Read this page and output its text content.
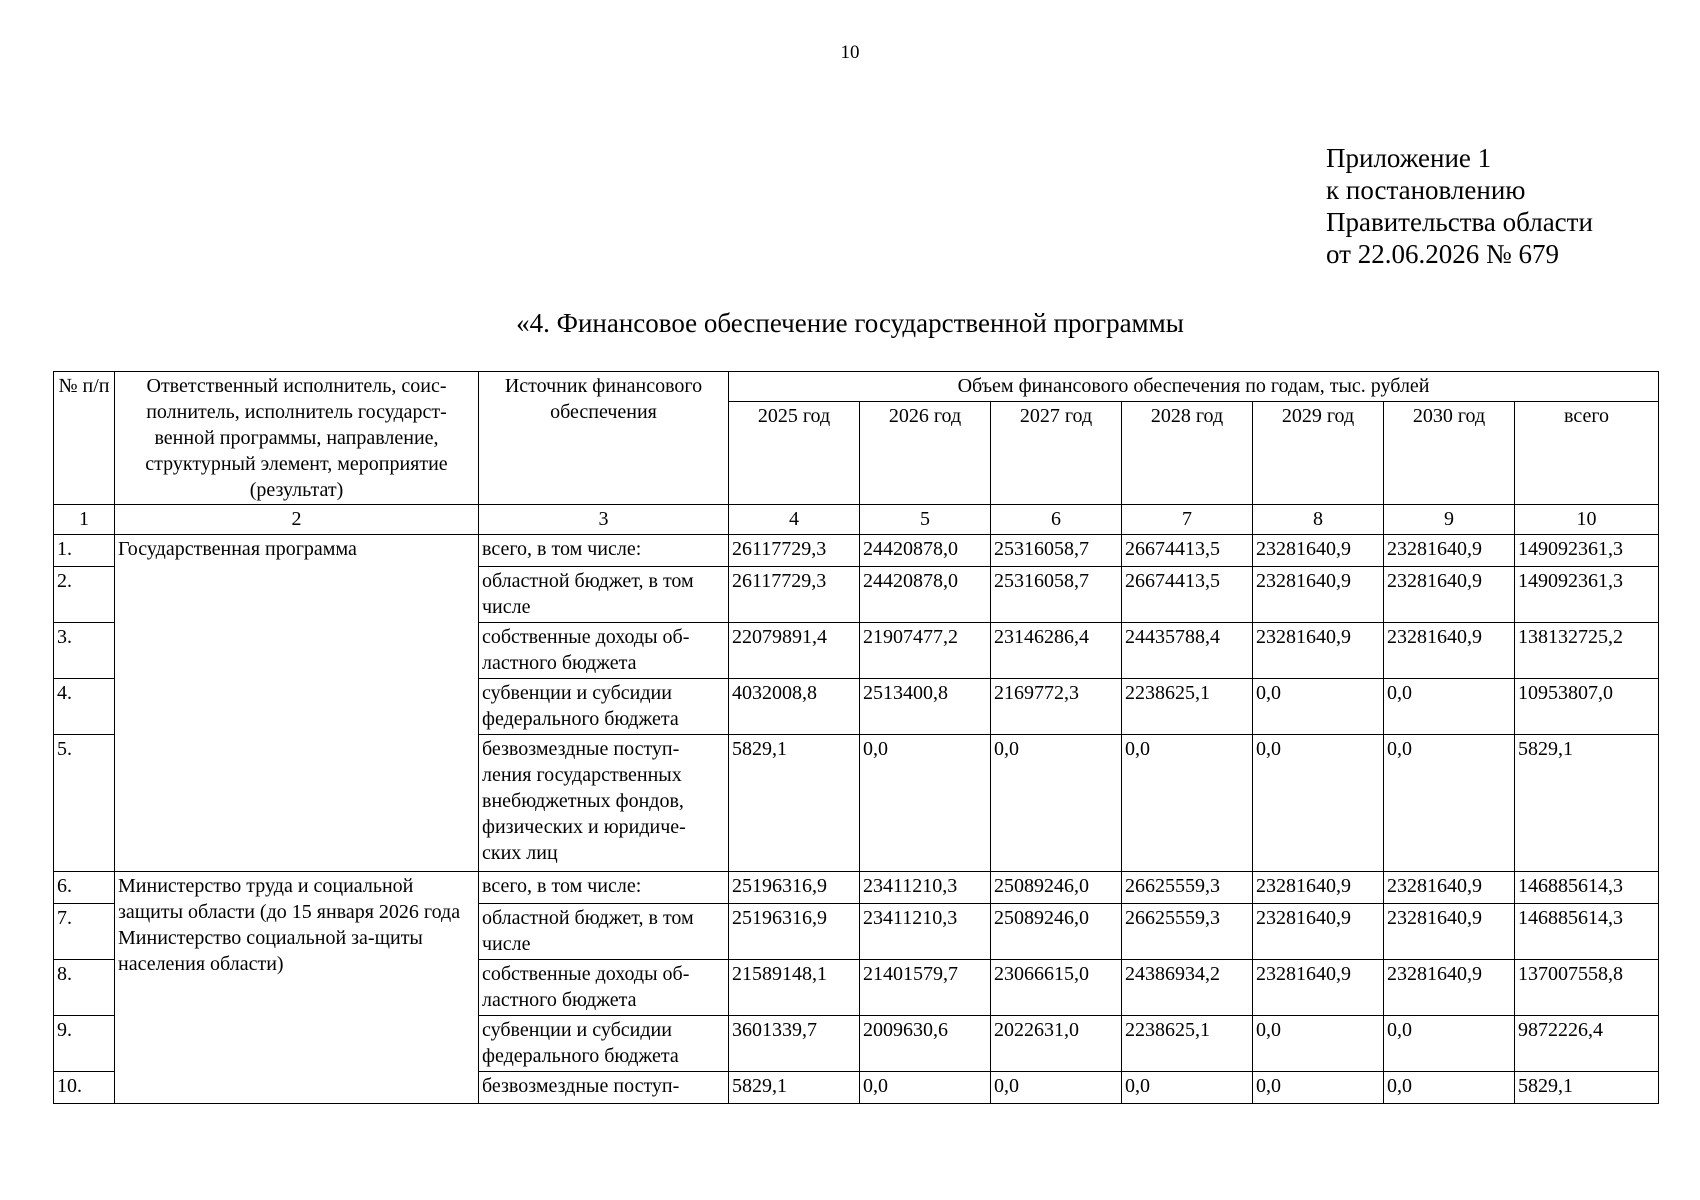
10
Приложение 1
к постановлению
Правительства области
от 22.06.2026 № 679
«4. Финансовое обеспечение государственной программы
№ п/п	Ответственный исполнитель, соис-полнитель, исполнитель государст-венной программы, направление, структурный элемент, мероприятие (результат)	Источник финансового обеспечения	Объем финансового обеспечения по годам, тыс. рублей						
			2025 год	2026 год	2027 год	2028 год	2029 год	2030 год	всего
1	2	3	4	5	6	7	8	9	10
1.	Государственная программа	всего, в том числе:	26117729,3	24420878,0	25316058,7	26674413,5	23281640,9	23281640,9	149092361,3
2.		областной бюджет, в том числе	26117729,3	24420878,0	25316058,7	26674413,5	23281640,9	23281640,9	149092361,3
3.		собственные доходы об-ластного бюджета	22079891,4	21907477,2	23146286,4	24435788,4	23281640,9	23281640,9	138132725,2
4.		субвенции и субсидии федерального бюджета	4032008,8	2513400,8	2169772,3	2238625,1	0,0	0,0	10953807,0
5.		безвозмездные поступ-ления государственных внебюджетных фондов, физических и юридиче-ских лиц	5829,1	0,0	0,0	0,0	0,0	0,0	5829,1
6.	Министерство труда и социальной защиты области (до 15 января 2026 года Министерство социальной за-щиты населения области)	всего, в том числе:	25196316,9	23411210,3	25089246,0	26625559,3	23281640,9	23281640,9	146885614,3
7.		областной бюджет, в том числе	25196316,9	23411210,3	25089246,0	26625559,3	23281640,9	23281640,9	146885614,3
8.		собственные доходы об-ластного бюджета	21589148,1	21401579,7	23066615,0	24386934,2	23281640,9	23281640,9	137007558,8
9.		субвенции и субсидии федерального бюджета	3601339,7	2009630,6	2022631,0	2238625,1	0,0	0,0	9872226,4
10.		безвозмездные поступ-	5829,1	0,0	0,0	0,0	0,0	0,0	5829,1
